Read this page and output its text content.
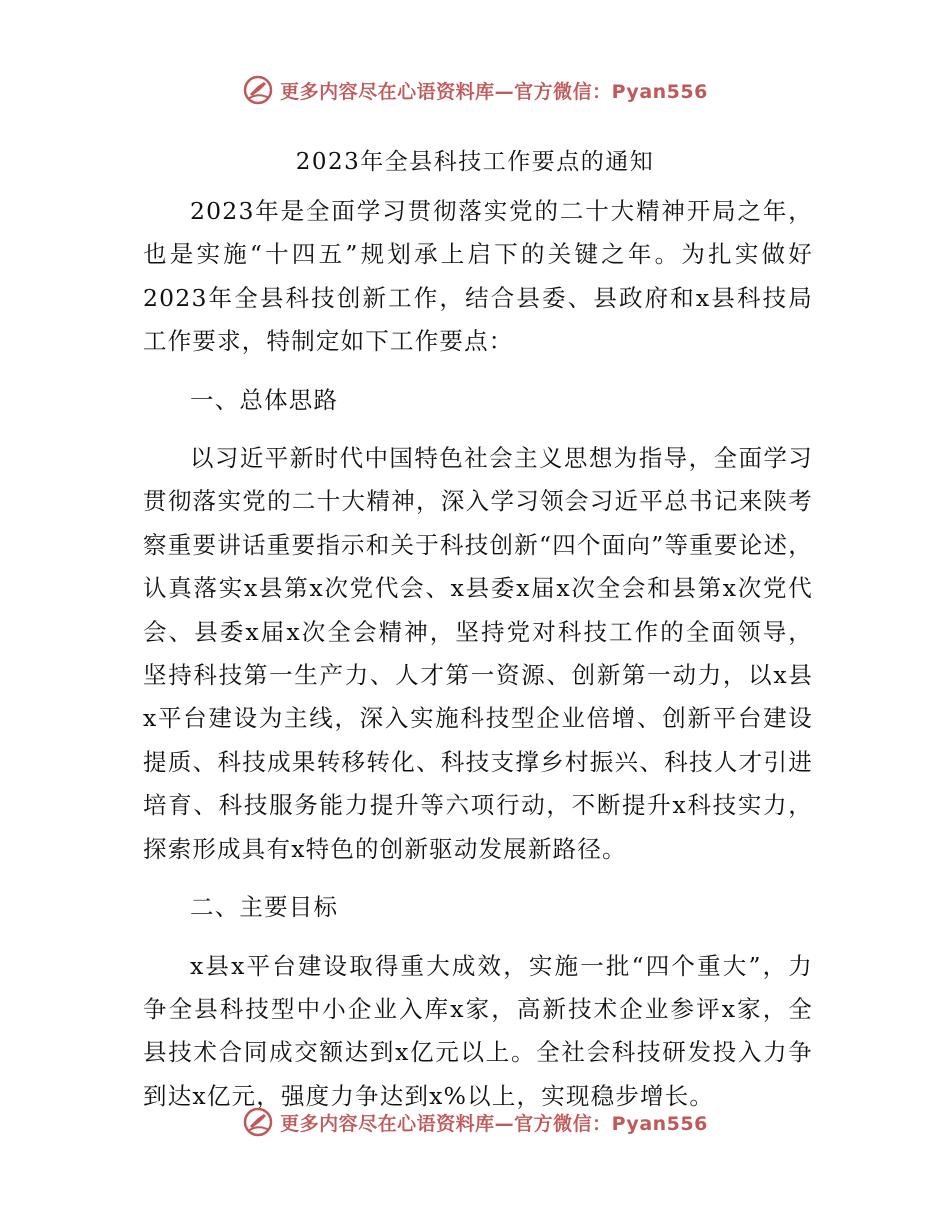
更多内容尽在心语资料库—官方微信：Pyan556
2023年全县科技工作要点的通知

2023年是全面学习贯彻落实党的二十大精神开局之年，也是实施“十四五”规划承上启下的关键之年。为扎实做好2023年全县科技创新工作，结合县委、县政府和x县科技局工作要求，特制定如下工作要点：

一、总体思路

以习近平新时代中国特色社会主义思想为指导，全面学习贯彻落实党的二十大精神，深入学习领会习近平总书记来陕考察重要讲话重要指示和关于科技创新“四个面向”等重要论述，认真落实x县第x次党代会、x县委x届x次全会和县第x次党代会、县委x届x次全会精神，坚持党对科技工作的全面领导，坚持科技第一生产力、人才第一资源、创新第一动力，以x县x平台建设为主线，深入实施科技型企业倍增、创新平台建设提质、科技成果转移转化、科技支撑乡村振兴、科技人才引进培育、科技服务能力提升等六项行动，不断提升x科技实力，探索形成具有x特色的创新驱动发展新路径。

二、主要目标

x县x平台建设取得重大成效，实施一批“四个重大”，力争全县科技型中小企业入库x家，高新技术企业参评x家，全县技术合同成交额达到x亿元以上。全社会科技研发投入力争到达x亿元，强度力争达到x%以上，实现稳步增长。

更多内容尽在心语资料库—官方微信：Pyan556
